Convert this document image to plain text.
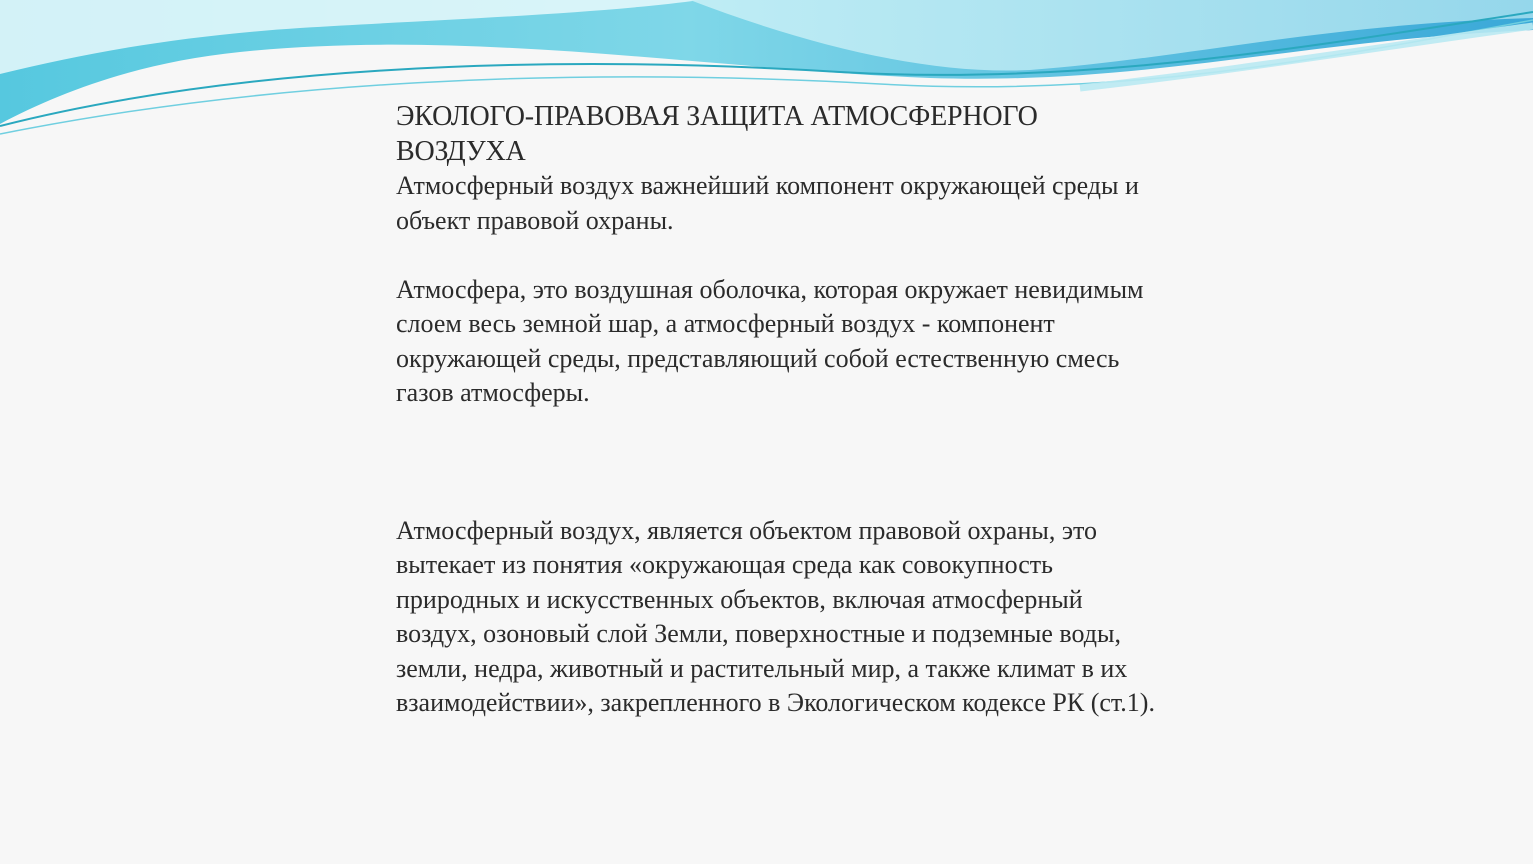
ЭКОЛОГО-ПРАВОВАЯ ЗАЩИТА АТМОСФЕРНОГО ВОЗДУХА

Атмосферный воздух важнейший компонент окружающей среды и объект правовой охраны.

Атмосфера, это воздушная оболочка, которая окружает невидимым слоем весь земной шар, а атмосферный воздух - компонент окружающей среды, представляющий собой естественную смесь газов атмосферы.

Атмосферный воздух, является объектом правовой охраны, это вытекает из понятия «окружающая среда как совокупность природных и искусственных объектов, включая атмосферный воздух, озоновый слой Земли, поверхностные и подземные воды, земли, недра, животный и растительный мир, а также климат в их взаимодействии», закрепленного в Экологическом кодексе РК (ст.1).
